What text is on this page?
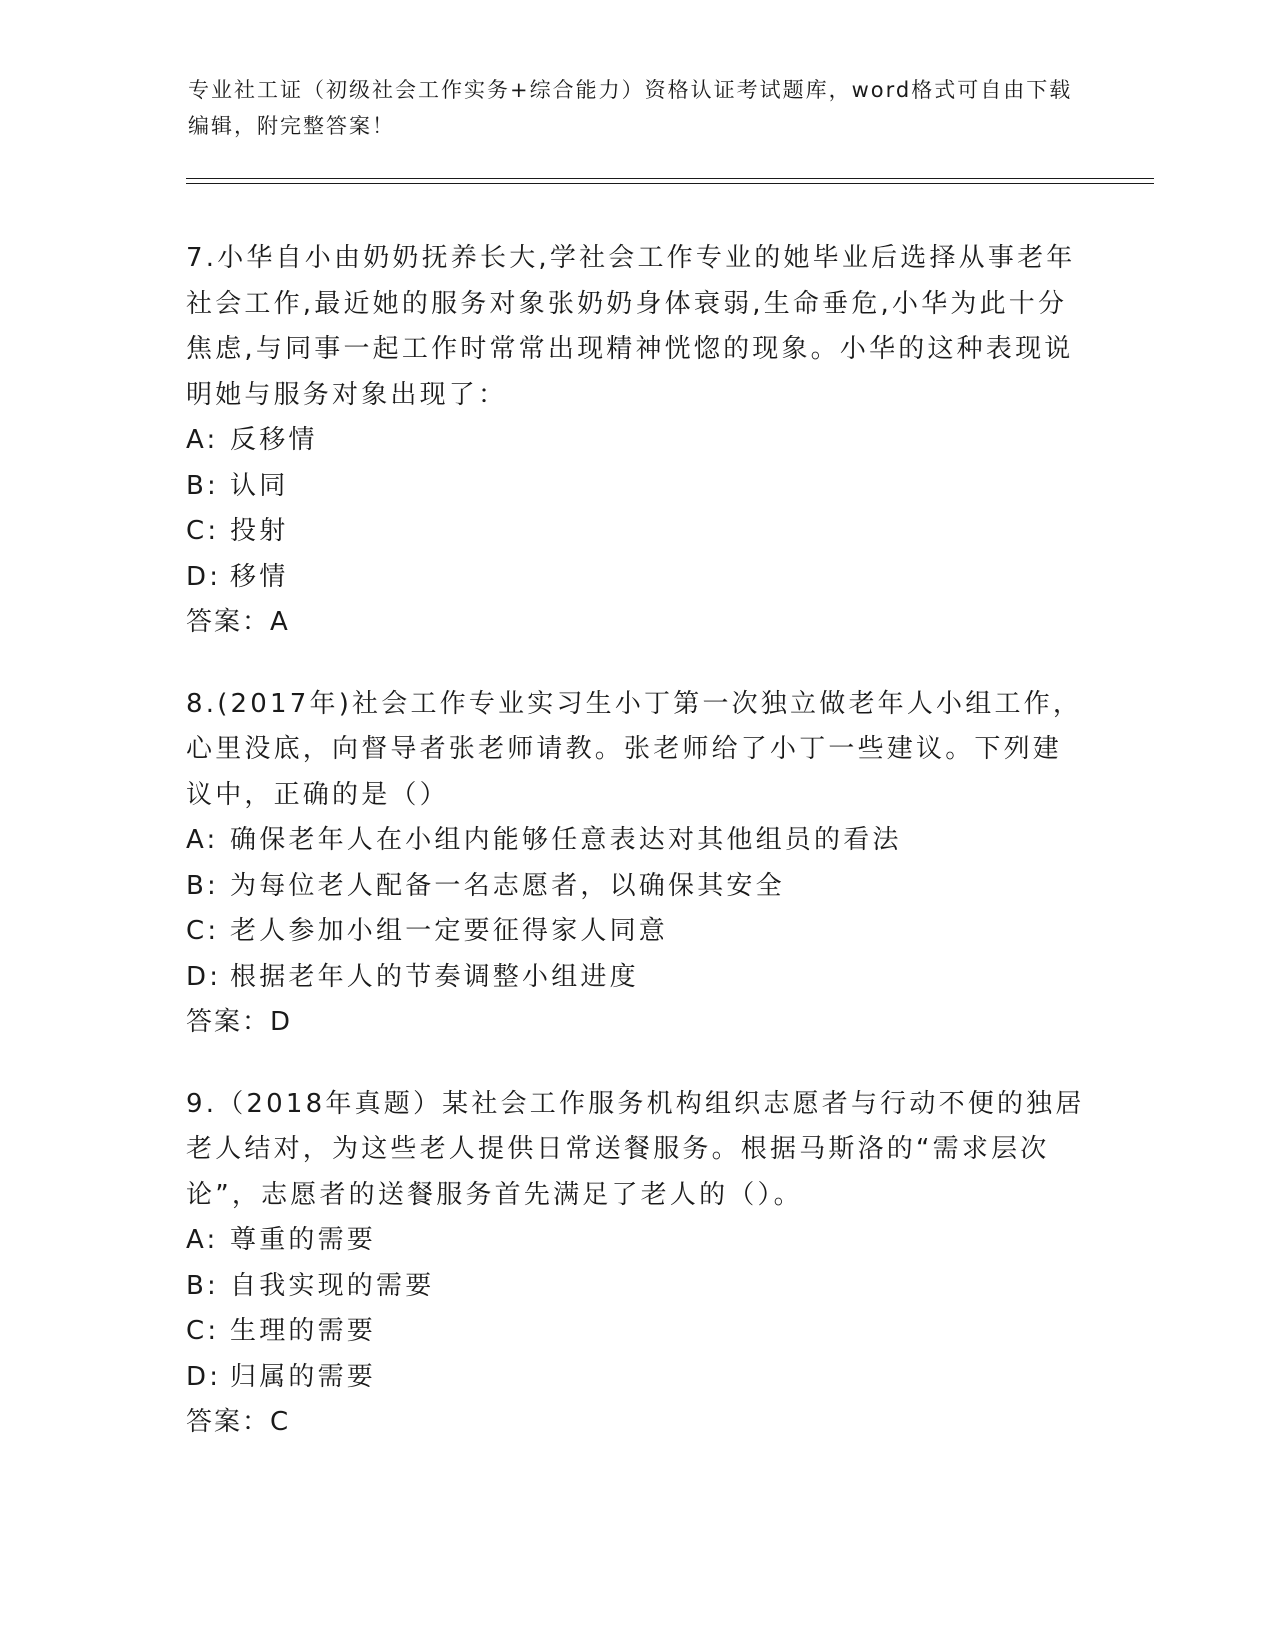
专业社工证（初级社会工作实务+综合能力）资格认证考试题库，word格式可自由下载编辑，附完整答案！
7.小华自小由奶奶抚养长大,学社会工作专业的她毕业后选择从事老年社会工作,最近她的服务对象张奶奶身体衰弱,生命垂危,小华为此十分焦虑,与同事一起工作时常常出现精神恍惚的现象。小华的这种表现说明她与服务对象出现了：
A: 反移情
B: 认同
C: 投射
D: 移情
答案：A
8.(2017年)社会工作专业实习生小丁第一次独立做老年人小组工作，心里没底，向督导者张老师请教。张老师给了小丁一些建议。下列建议中，正确的是（）
A: 确保老年人在小组内能够任意表达对其他组员的看法
B: 为每位老人配备一名志愿者，以确保其安全
C: 老人参加小组一定要征得家人同意
D: 根据老年人的节奏调整小组进度
答案：D
9.（2018年真题）某社会工作服务机构组织志愿者与行动不便的独居老人结对，为这些老人提供日常送餐服务。根据马斯洛的“需求层次论”，志愿者的送餐服务首先满足了老人的（）。
A: 尊重的需要
B: 自我实现的需要
C: 生理的需要
D: 归属的需要
答案：C
